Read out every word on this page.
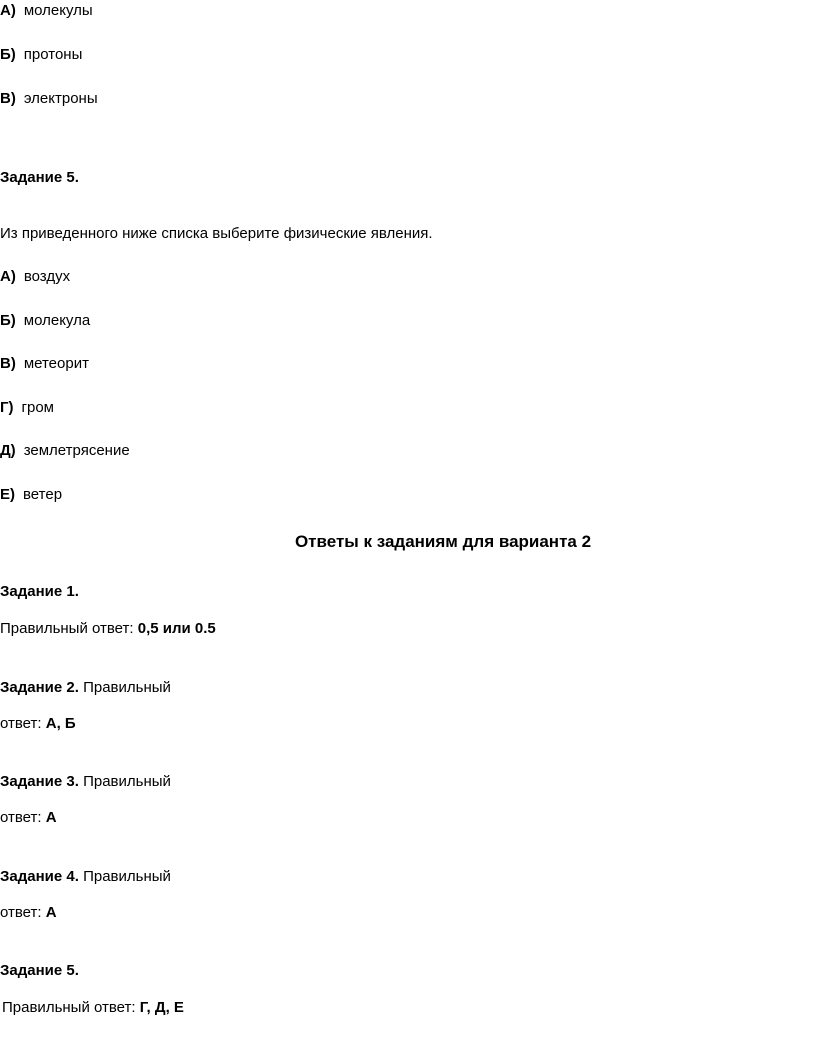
А) молекулы
Б) протоны
В) электроны
Задание 5.
Из приведенного ниже списка выберите физические явления.
А) воздух
Б) молекула
В) метеорит
Г) гром
Д) землетрясение
Е) ветер
Ответы к заданиям для варианта 2
Задание 1.
Правильный ответ: 0,5 или 0.5
Задание 2. Правильный
ответ: А, Б
Задание 3. Правильный
ответ: А
Задание 4. Правильный
ответ: А
Задание 5.
Правильный ответ: Г, Д, Е
